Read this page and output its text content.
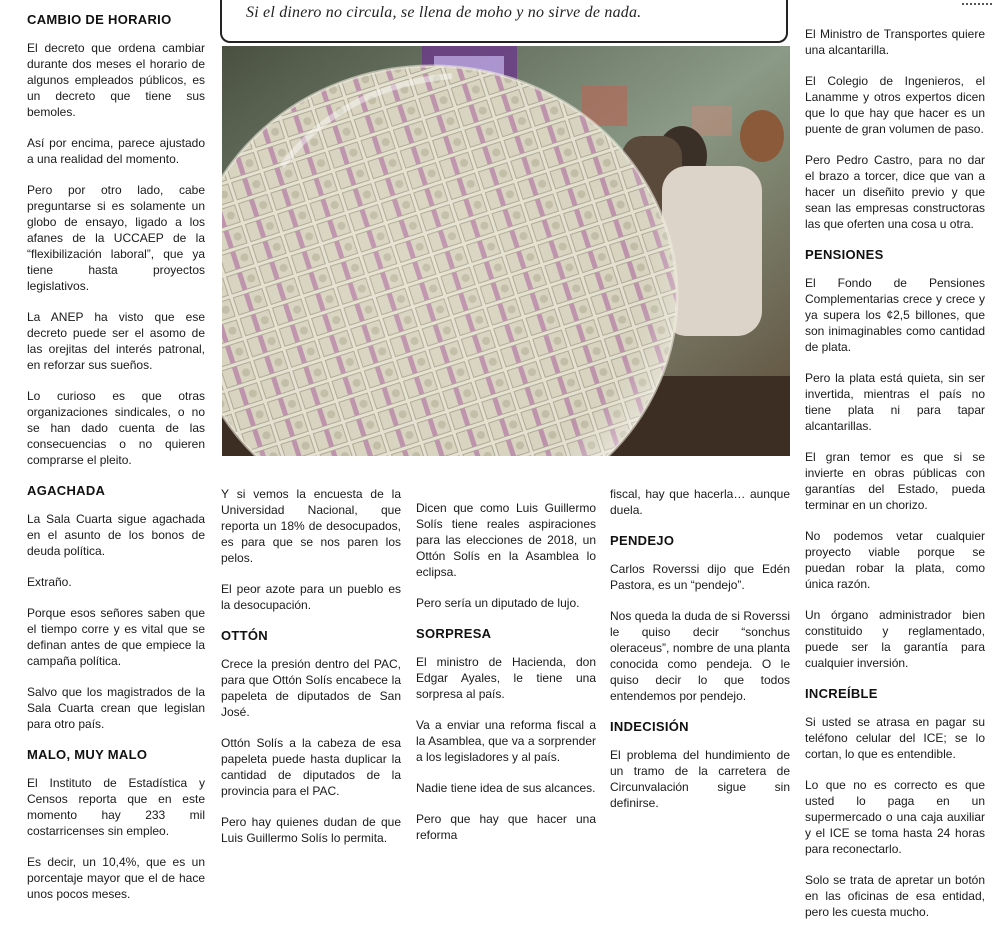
Si el dinero no circula, se llena de moho y no sirve de nada.
CAMBIO DE HORARIO

El decreto que ordena cambiar durante dos meses el horario de algunos empleados públicos, es un decreto que tiene sus bemoles.

Así por encima, parece ajustado a una realidad del momento.

Pero por otro lado, cabe preguntarse si es solamente un globo de ensayo, ligado a los afanes de la UCCAEP de la “flexibilización laboral”, que ya tiene hasta proyectos legislativos.

La ANEP ha visto que ese decreto puede ser el asomo de las orejitas del interés patronal, en reforzar sus sueños.

Lo curioso es que otras organizaciones sindicales, o no se han dado cuenta de las consecuencias o no quieren comprarse el pleito.

AGACHADA

La Sala Cuarta sigue agachada en el asunto de los bonos de deuda política.

Extraño.

Porque esos señores saben que el tiempo corre y es vital que se definan antes de que empiece la campaña política.

Salvo que los magistrados de la Sala Cuarta crean que legislan para otro país.

MALO, MUY MALO

El Instituto de Estadística y Censos reporta que en este momento hay 233 mil costarricenses sin empleo.

Es decir, un 10,4%, que es un porcentaje mayor que el de hace unos pocos meses.

Y si vemos la encuesta de la Universidad Nacional, que reporta un 18% de desocupados, es para que se nos paren los pelos.

El peor azote para un pueblo es la desocupación.

OTTÓN

Crece la presión dentro del PAC, para que Ottón Solís encabece la papeleta de diputados de San José.

Ottón Solís a la cabeza de esa papeleta puede hasta duplicar la cantidad de diputados de la provincia para el PAC.

Pero hay quienes dudan de que Luis Guillermo Solís lo permita.

Dicen que como Luis Guillermo Solís tiene reales aspiraciones para las elecciones de 2018, un Ottón Solís en la Asamblea lo eclipsa.

Pero sería un diputado de lujo.

SORPRESA

El ministro de Hacienda, don Edgar Ayales, le tiene una sorpresa al país.

Va a enviar una reforma fiscal a la Asamblea, que va a sorprender a los legisladores y al país.

Nadie tiene idea de sus alcances.

Pero que hay que hacer una reforma

fiscal, hay que hacerla… aunque duela.

PENDEJO

Carlos Roverssi dijo que Edén Pastora, es un “pendejo”.

Nos queda la duda de si Roverssi le quiso decir “sonchus oleraceus”, nombre de una planta conocida como pendeja. O le quiso decir lo que todos entendemos por pendejo.

INDECISIÓN

El problema del hundimiento de un tramo de la carretera de Circunvalación sigue sin definirse.

El Ministro de Transportes quiere una alcantarilla.

El Colegio de Ingenieros, el Lanamme y otros expertos dicen que lo que hay que hacer es un puente de gran volumen de paso.

Pero Pedro Castro, para no dar el brazo a torcer, dice que van a hacer un diseñito previo y que sean las empresas constructoras las que oferten una cosa u otra.

PENSIONES

El Fondo de Pensiones Complementarias crece y crece y ya supera los ¢2,5 billones, que son inimaginables como cantidad de plata.

Pero la plata está quieta, sin ser invertida, mientras el país no tiene plata ni para tapar alcantarillas.

El gran temor es que si se invierte en obras públicas con garantías del Estado, pueda terminar en un chorizo.

No podemos vetar cualquier proyecto viable porque se puedan robar la plata, como única razón.

Un órgano administrador bien constituido y reglamentado, puede ser la garantía para cualquier inversión.

INCREÍBLE

Si usted se atrasa en pagar su teléfono celular del ICE; se lo cortan, lo que es entendible.

Lo que no es correcto es que usted lo paga en un supermercado o una caja auxiliar y el ICE se toma hasta 24 horas para reconectarlo.

Solo se trata de apretar un botón en las oficinas de esa entidad, pero les cuesta mucho.
